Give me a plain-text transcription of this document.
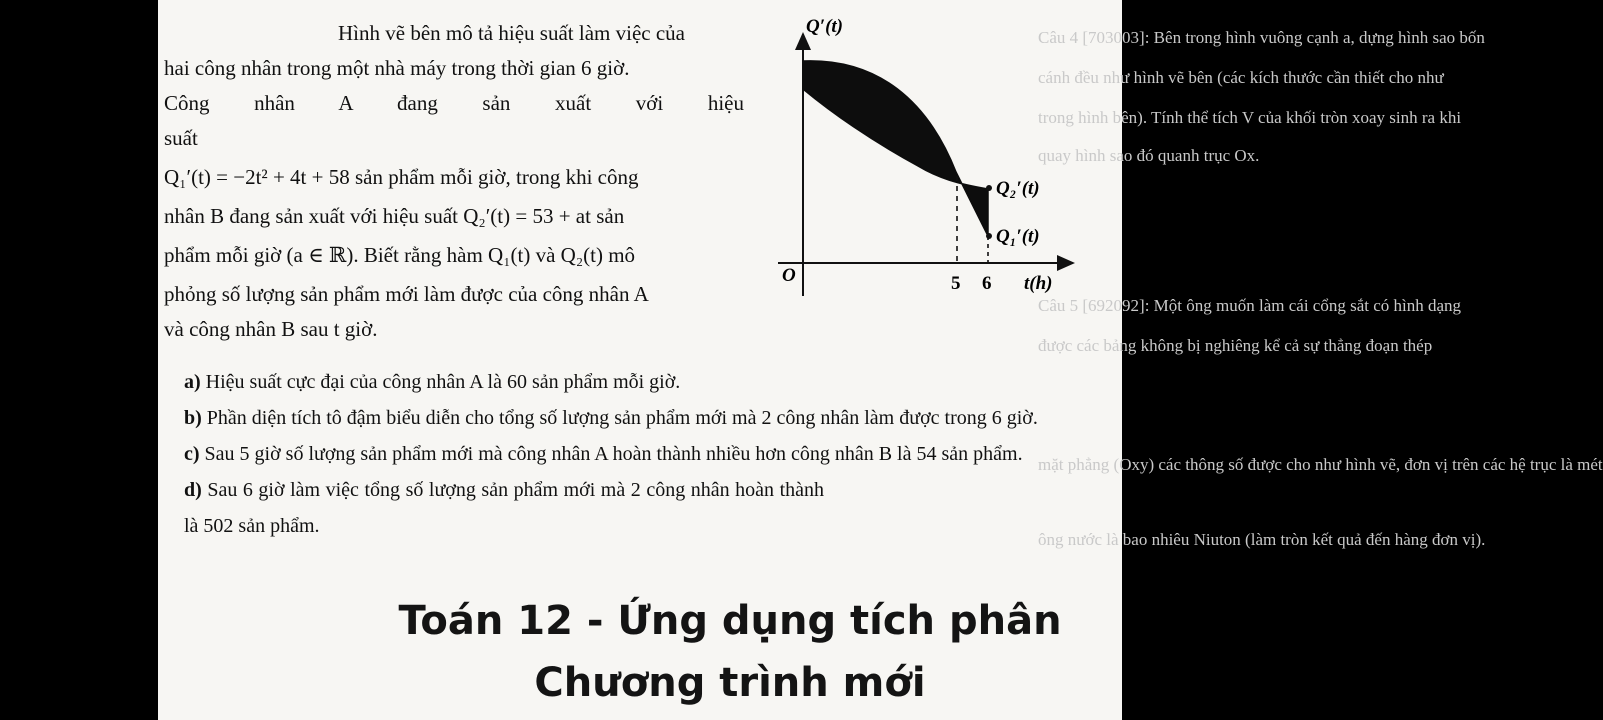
Câu 4 [703003]: Bên trong hình vuông cạnh a, dựng hình sao bốn
cánh đều như hình vẽ bên (các kích thước cần thiết cho như
trong hình bên). Tính thể tích V của khối tròn xoay sinh ra khi
quay hình sao đó quanh trục Ox.
Câu 5 [692092]: Một ông muốn làm cái cổng sắt có hình dạng
được các bảng không bị nghiêng kể cả sự thẳng đoạn thép
mặt phẳng (Oxy) các thông số được cho như hình vẽ, đơn vị trên các hệ trục là mét
ông nước là bao nhiêu Niuton (làm tròn kết quả đến hàng đơn vị).

Hình vẽ bên mô tả hiệu suất làm việc của

hai công nhân trong một nhà máy trong thời gian 6 giờ.

Công nhân A đang sản xuất với hiệu suất

Q₁′(t) = −2t² + 4t + 58 sản phẩm mỗi giờ, trong khi công

nhân B đang sản xuất với hiệu suất Q₂′(t) = 53 + at sản

phẩm mỗi giờ (a ∈ ℝ). Biết rằng hàm Q₁(t) và Q₂(t) mô

phỏng số lượng sản phẩm mới làm được của công nhân A

và công nhân B sau t giờ.

Q′(t)
t(h)
O	5 6
Q₂′(t)
Q₁′(t)

a) Hiệu suất cực đại của công nhân A là 60 sản phẩm mỗi giờ.

b) Phần diện tích tô đậm biểu diễn cho tổng số lượng sản phẩm mới mà 2 công nhân làm được trong 6 giờ.

c) Sau 5 giờ số lượng sản phẩm mới mà công nhân A hoàn thành nhiều hơn công nhân B là 54 sản phẩm.

d) Sau 6 giờ làm việc tổng số lượng sản phẩm mới mà 2 công nhân hoàn thành là 502 sản phẩm.

Toán 12 - Ứng dụng tích phân
Chương trình mới
